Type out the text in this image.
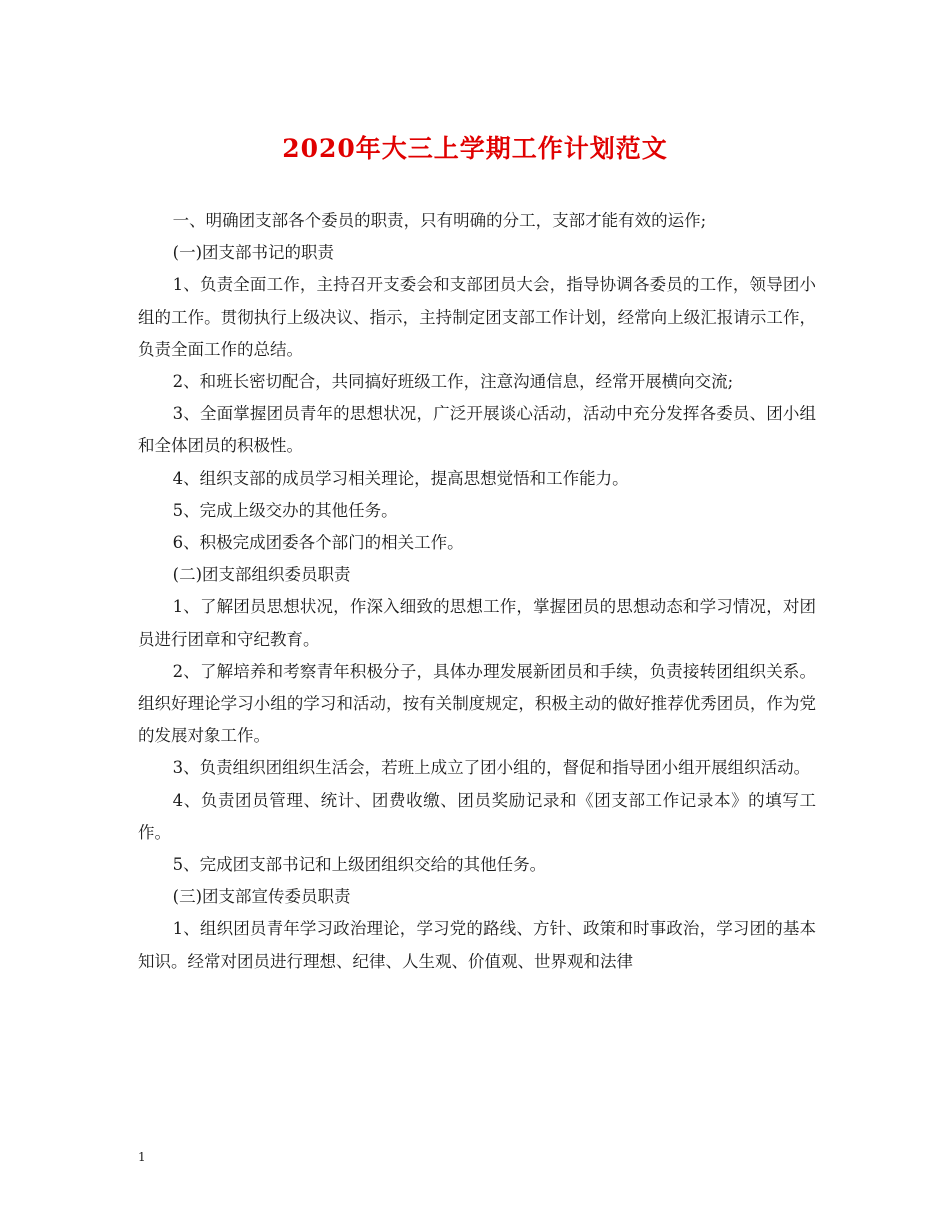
2020年大三上学期工作计划范文

一、明确团支部各个委员的职责，只有明确的分工，支部才能有效的运作;

(一)团支部书记的职责

1、负责全面工作，主持召开支委会和支部团员大会，指导协调各委员的工作，领导团小组的工作。贯彻执行上级决议、指示，主持制定团支部工作计划，经常向上级汇报请示工作，负责全面工作的总结。

2、和班长密切配合，共同搞好班级工作，注意沟通信息，经常开展横向交流;

3、全面掌握团员青年的思想状况，广泛开展谈心活动，活动中充分发挥各委员、团小组和全体团员的积极性。

4、组织支部的成员学习相关理论，提高思想觉悟和工作能力。

5、完成上级交办的其他任务。

6、积极完成团委各个部门的相关工作。

(二)团支部组织委员职责

1、了解团员思想状况，作深入细致的思想工作，掌握团员的思想动态和学习情况，对团员进行团章和守纪教育。

2、了解培养和考察青年积极分子，具体办理发展新团员和手续，负责接转团组织关系。组织好理论学习小组的学习和活动，按有关制度规定，积极主动的做好推荐优秀团员，作为党的发展对象工作。

3、负责组织团组织生活会，若班上成立了团小组的，督促和指导团小组开展组织活动。

4、负责团员管理、统计、团费收缴、团员奖励记录和《团支部工作记录本》的填写工作。

5、完成团支部书记和上级团组织交给的其他任务。

(三)团支部宣传委员职责

1、组织团员青年学习政治理论，学习党的路线、方针、政策和时事政治，学习团的基本知识。经常对团员进行理想、纪律、人生观、价值观、世界观和法律

1
